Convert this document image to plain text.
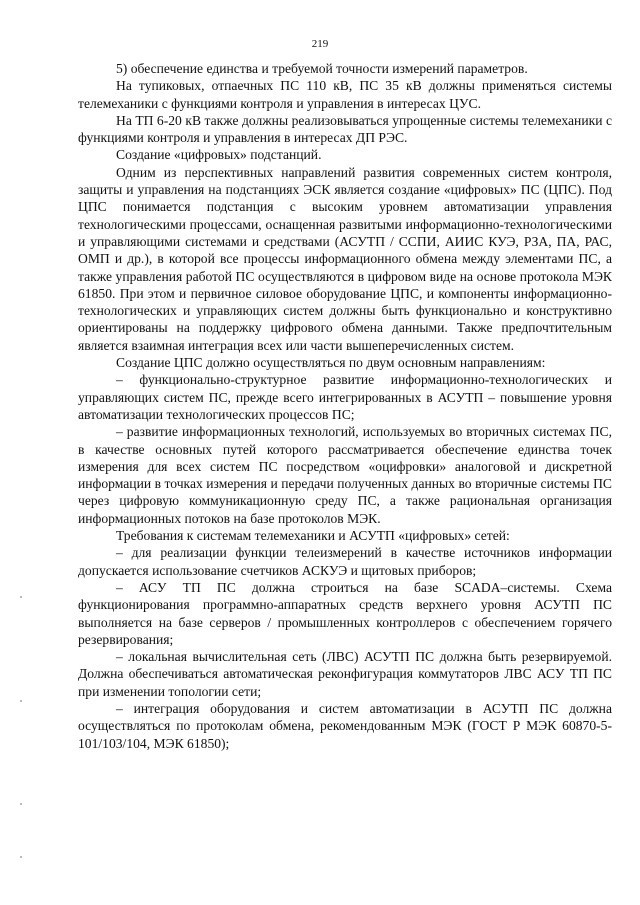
219

5) обеспечение единства и требуемой точности измерений параметров.

На тупиковых, отпаечных ПС 110 кВ, ПС 35 кВ должны применяться системы телемеханики с функциями контроля и управления в интересах ЦУС.

На ТП 6-20 кВ также должны реализовываться упрощенные системы телемеханики с функциями контроля и управления в интересах ДП РЭС.

Создание «цифровых» подстанций.

Одним из перспективных направлений развития современных систем контроля, защиты и управления на подстанциях ЭСК является создание «цифровых» ПС (ЦПС). Под ЦПС понимается подстанция с высоким уровнем автоматизации управления технологическими процессами, оснащенная развитыми информационно-технологическими и управляющими системами и средствами (АСУТП / ССПИ, АИИС КУЭ, РЗА, ПА, РАС, ОМП и др.), в которой все процессы информационного обмена между элементами ПС, а также управления работой ПС осуществляются в цифровом виде на основе протокола МЭК 61850. При этом и первичное силовое оборудование ЦПС, и компоненты информационно-технологических и управляющих систем должны быть функционально и конструктивно ориентированы на поддержку цифрового обмена данными. Также предпочтительным является взаимная интеграция всех или части вышеперечисленных систем.

Создание ЦПС должно осуществляться по двум основным направлениям:

– функционально-структурное развитие информационно-технологических и управляющих систем ПС, прежде всего интегрированных в АСУТП – повышение уровня автоматизации технологических процессов ПС;

– развитие информационных технологий, используемых во вторичных системах ПС, в качестве основных путей которого рассматривается обеспечение единства точек измерения для всех систем ПС посредством «оцифровки» аналоговой и дискретной информации в точках измерения и передачи полученных данных во вторичные системы ПС через цифровую коммуникационную среду ПС, а также рациональная организация информационных потоков на базе протоколов МЭК.

Требования к системам телемеханики и АСУТП «цифровых» сетей:

– для реализации функции телеизмерений в качестве источников информации допускается использование счетчиков АСКУЭ и щитовых приборов;

– АСУ ТП ПС должна строиться на базе SCADA–системы. Схема функционирования программно-аппаратных средств верхнего уровня АСУТП ПС выполняется на базе серверов / промышленных контроллеров с обеспечением горячего резервирования;

– локальная вычислительная сеть (ЛВС) АСУТП ПС должна быть резервируемой. Должна обеспечиваться автоматическая реконфигурация коммутаторов ЛВС АСУ ТП ПС при изменении топологии сети;

– интеграция оборудования и систем автоматизации в АСУТП ПС должна осуществляться по протоколам обмена, рекомендованным МЭК (ГОСТ Р МЭК 60870-5-101/103/104, МЭК 61850);
